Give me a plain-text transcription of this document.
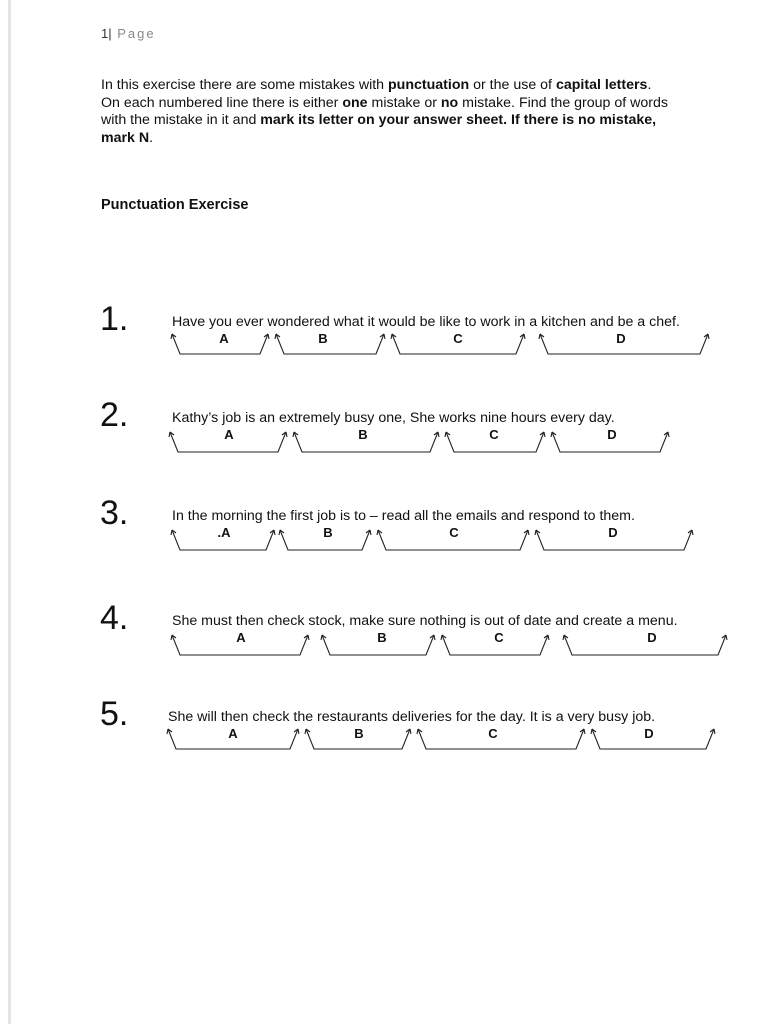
1| Page
In this exercise there are some mistakes with punctuation or the use of capital letters. On each numbered line there is either one mistake or no mistake. Find the group of words with the mistake in it and mark its letter on your answer sheet. If there is no mistake, mark N.
Punctuation Exercise
1.	Have you ever wondered what it would be like to work in a kitchen and be a chef.
A	B	C	D
2.	Kathy’s job is an extremely busy one, She works nine hours every day.
A	B	C	D
3.	In the morning the first job is to – read all the emails and respond to them.
.A	B	C	D
4.	She must then check stock, make sure nothing is out of date and create a menu.
A	B	C	D
5.	She will then check the restaurants deliveries for the day. It is a very busy job.
A	B	C	D
